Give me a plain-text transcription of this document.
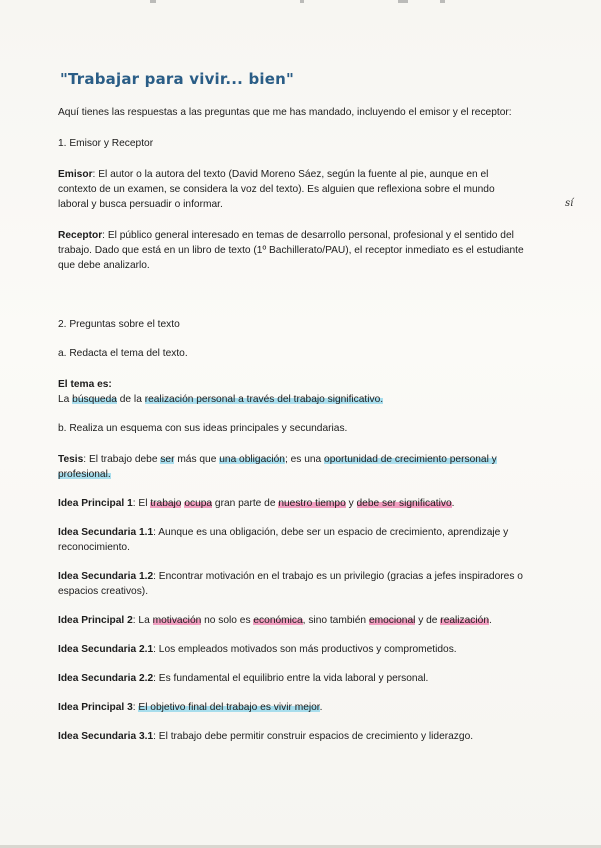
"Trabajar para vivir... bien"

Aquí tienes las respuestas a las preguntas que me has mandado, incluyendo el emisor y el receptor:

1. Emisor y Receptor

Emisor: El autor o la autora del texto (David Moreno Sáez, según la fuente al pie, aunque en el contexto de un examen, se considera la voz del texto). Es alguien que reflexiona sobre el mundo laboral y busca persuadir o informar.

Receptor: El público general interesado en temas de desarrollo personal, profesional y el sentido del trabajo. Dado que está en un libro de texto (1º Bachillerato/PAU), el receptor inmediato es el estudiante que debe analizarlo.

2. Preguntas sobre el texto

a. Redacta el tema del texto.

El tema es:
La búsqueda de la realización personal a través del trabajo significativo.

b. Realiza un esquema con sus ideas principales y secundarias.

Tesis: El trabajo debe ser más que una obligación; es una oportunidad de crecimiento personal y profesional.

Idea Principal 1: El trabajo ocupa gran parte de nuestro tiempo y debe ser significativo.

Idea Secundaria 1.1: Aunque es una obligación, debe ser un espacio de crecimiento, aprendizaje y reconocimiento.

Idea Secundaria 1.2: Encontrar motivación en el trabajo es un privilegio (gracias a jefes inspiradores o espacios creativos).

Idea Principal 2: La motivación no solo es económica, sino también emocional y de realización.

Idea Secundaria 2.1: Los empleados motivados son más productivos y comprometidos.

Idea Secundaria 2.2: Es fundamental el equilibrio entre la vida laboral y personal.

Idea Principal 3: El objetivo final del trabajo es vivir mejor.

Idea Secundaria 3.1: El trabajo debe permitir construir espacios de crecimiento y liderazgo.

sí
